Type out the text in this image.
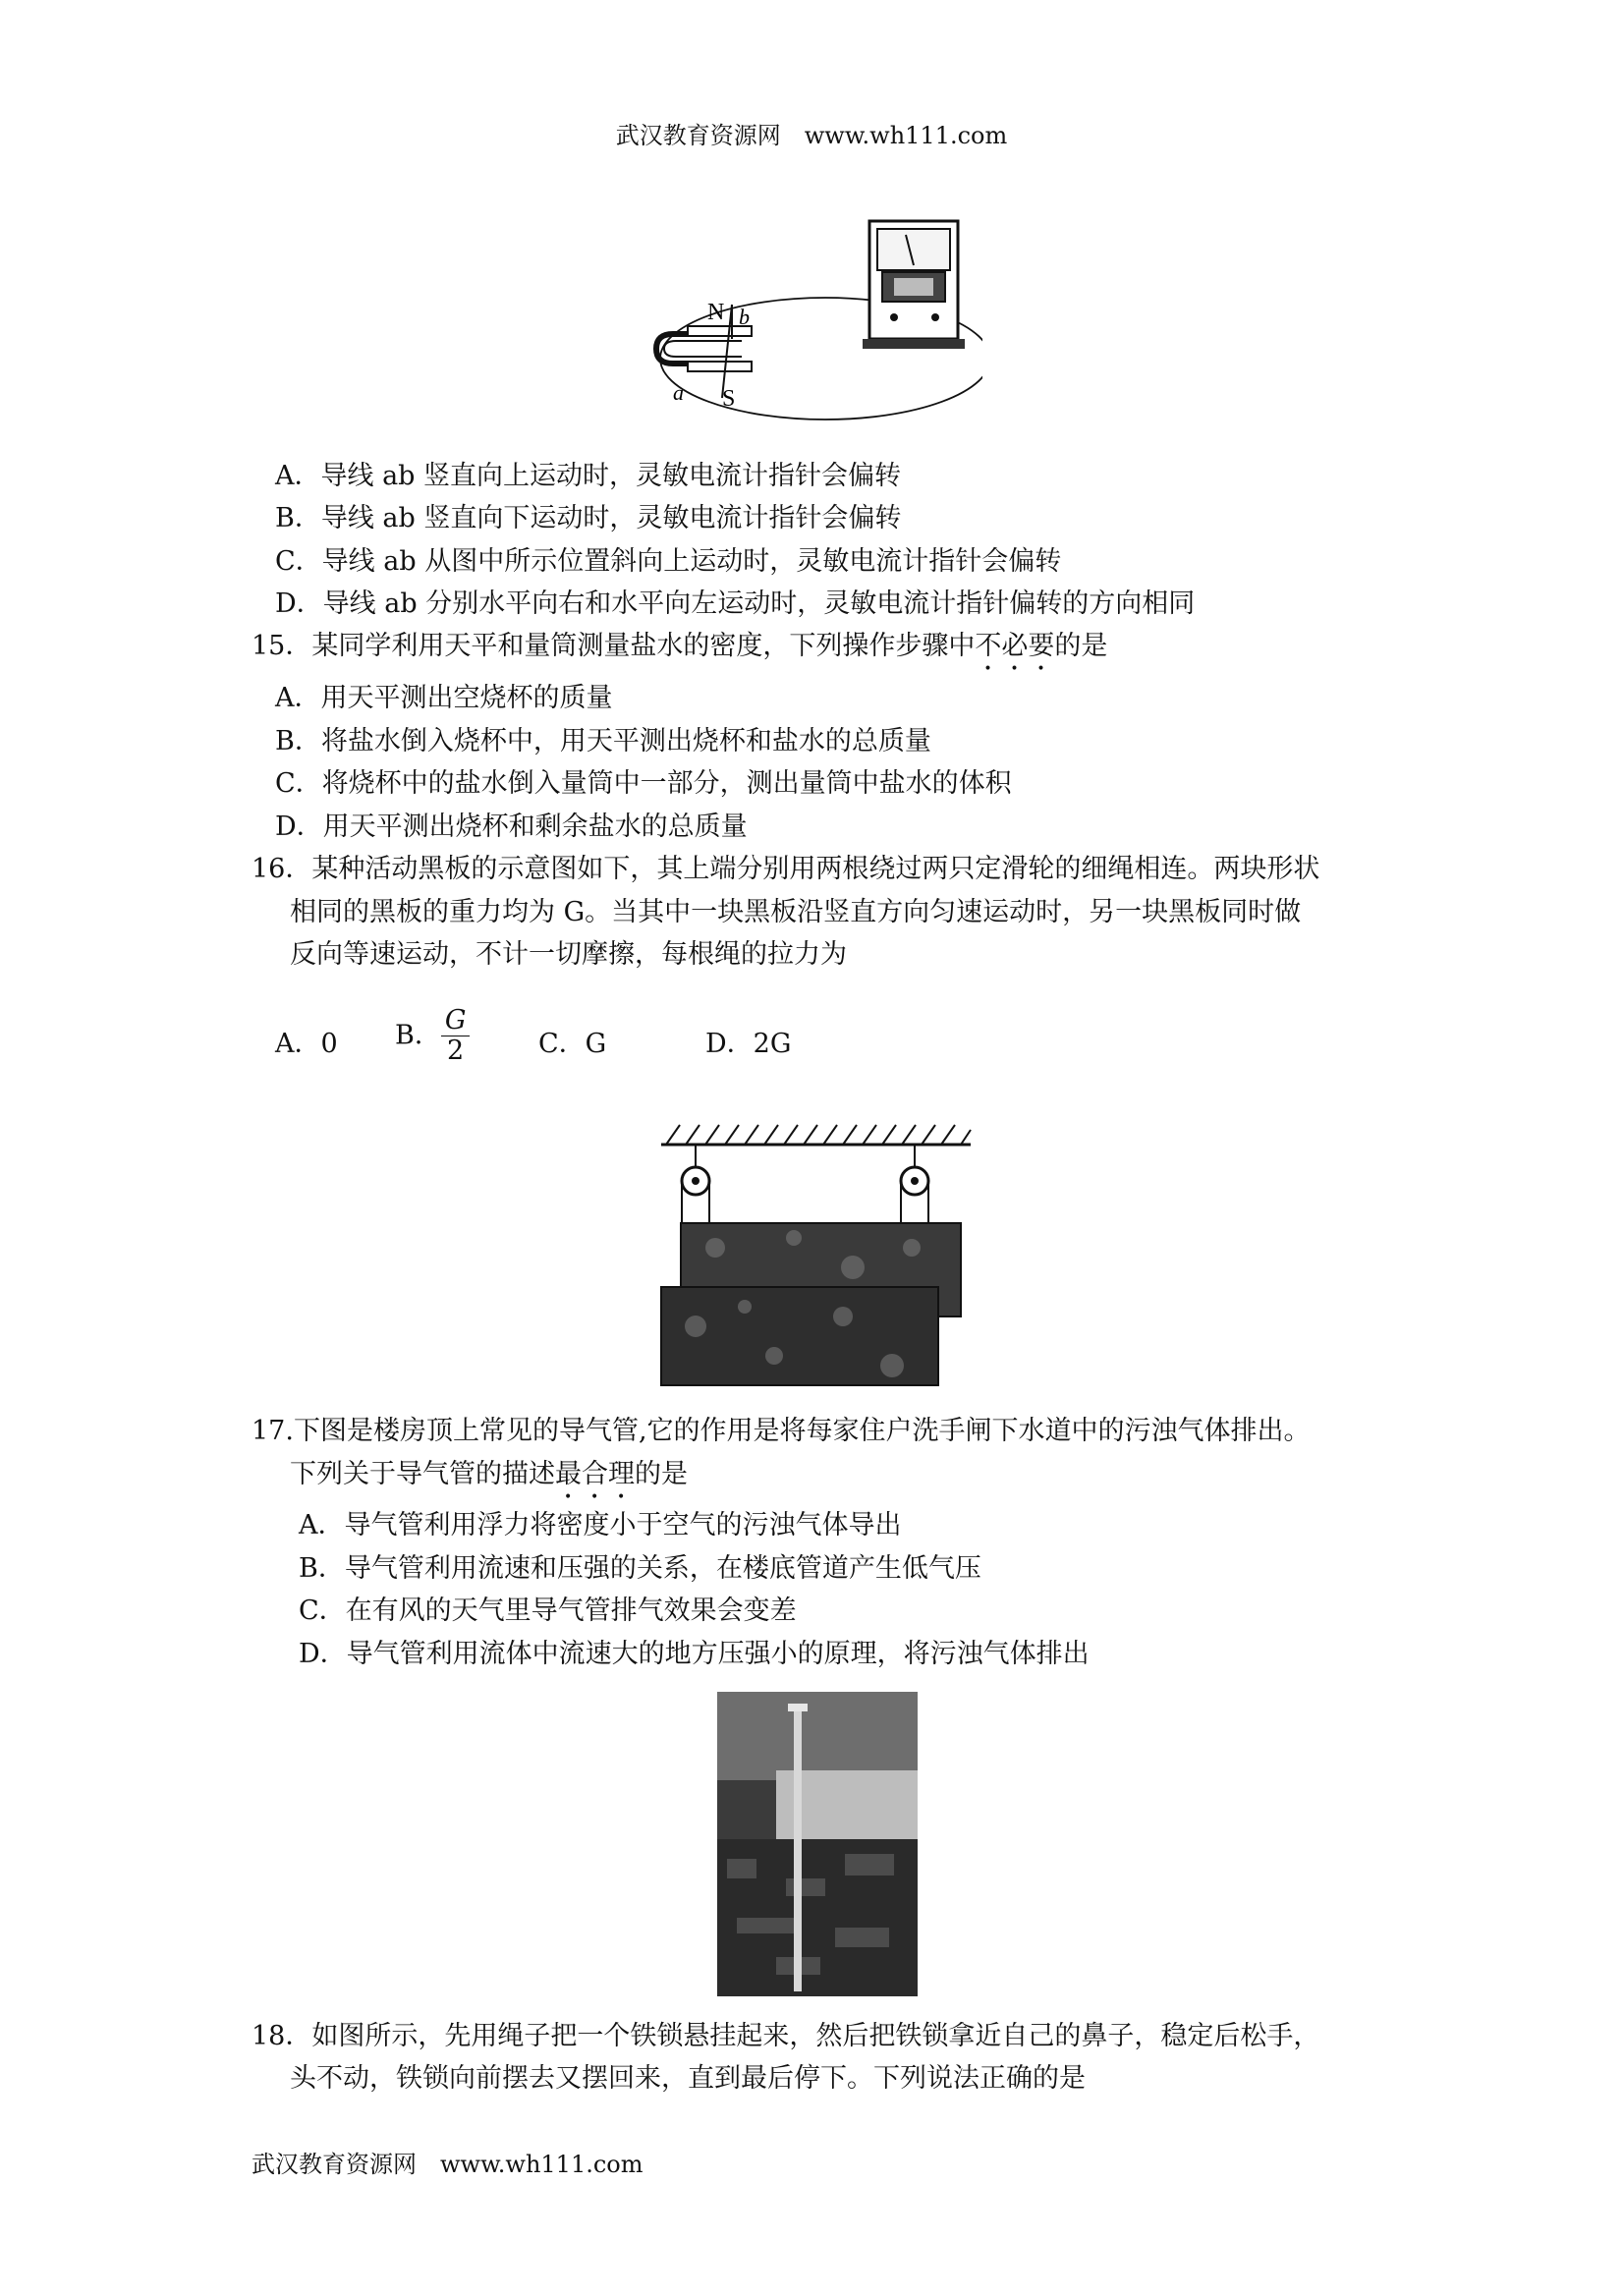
武汉教育资源网　www.wh111.com
N b
a S
A．导线 ab 竖直向上运动时，灵敏电流计指针会偏转
B．导线 ab 竖直向下运动时，灵敏电流计指针会偏转
C．导线 ab 从图中所示位置斜向上运动时，灵敏电流计指针会偏转
D．导线 ab 分别水平向右和水平向左运动时，灵敏电流计指针偏转的方向相同
15．某同学利用天平和量筒测量盐水的密度，下列操作步骤中不必要的是
A．用天平测出空烧杯的质量
B．将盐水倒入烧杯中，用天平测出烧杯和盐水的总质量
C．将烧杯中的盐水倒入量筒中一部分，测出量筒中盐水的体积
D．用天平测出烧杯和剩余盐水的总质量
16．某种活动黑板的示意图如下，其上端分别用两根绕过两只定滑轮的细绳相连。两块形状
相同的黑板的重力均为 G。当其中一块黑板沿竖直方向匀速运动时，另一块黑板同时做
反向等速运动，不计一切摩擦，每根绳的拉力为
A．0 B． $\frac{G}{2}$	C．G	D．2G
17.下图是楼房顶上常见的导气管,它的作用是将每家住户洗手闸下水道中的污浊气体排出。
下列关于导气管的描述最合理的是
A．导气管利用浮力将密度小于空气的污浊气体导出
B．导气管利用流速和压强的关系，在楼底管道产生低气压
C．在有风的天气里导气管排气效果会变差
D．导气管利用流体中流速大的地方压强小的原理，将污浊气体排出
18．如图所示，先用绳子把一个铁锁悬挂起来，然后把铁锁拿近自己的鼻子，稳定后松手，
头不动，铁锁向前摆去又摆回来，直到最后停下。下列说法正确的是
武汉教育资源网　www.wh111.com
